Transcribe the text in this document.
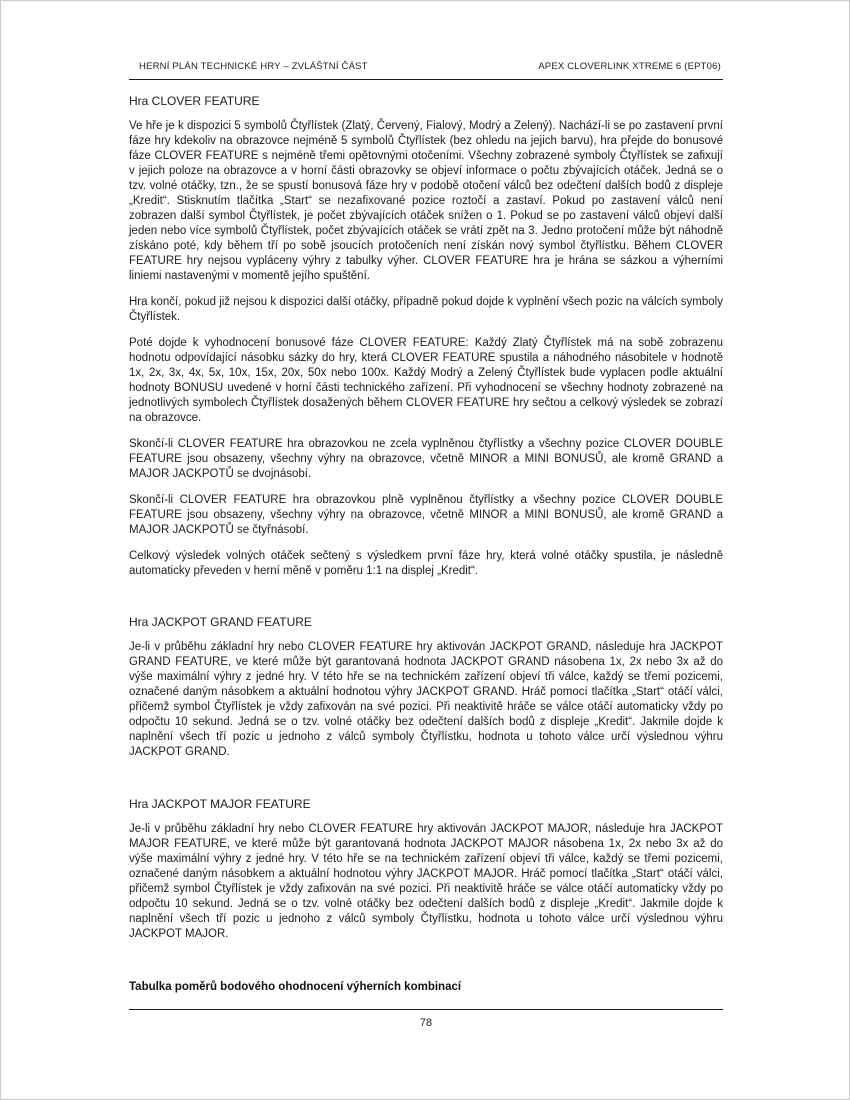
HERNÍ PLÁN TECHNICKÉ HRY – ZVLÁŠTNÍ ČÁST	APEX CLOVERLINK XTREME 6 (EPT06)
Hra CLOVER FEATURE

Ve hře je k dispozici 5 symbolů Čtyřlístek (Zlatý, Červený, Fialový, Modrý a Zelený). Nachází-li se po zastavení první fáze hry kdekoliv na obrazovce nejméně 5 symbolů Čtyřlístek (bez ohledu na jejich barvu), hra přejde do bonusové fáze CLOVER FEATURE s nejméně třemi opětovnými otočeními. Všechny zobrazené symboly Čtyřlístek se zafixují v jejich poloze na obrazovce a v horní části obrazovky se objeví informace o počtu zbývajících otáček. Jedná se o tzv. volné otáčky, tzn., že se spustí bonusová fáze hry v podobě otočení válců bez odečtení dalších bodů z displeje „Kredit“. Stisknutím tlačítka „Start“ se nezafixované pozice roztočí a zastaví. Pokud po zastavení válců není zobrazen další symbol Čtyřlístek, je počet zbývajících otáček snížen o 1. Pokud se po zastavení válců objeví další jeden nebo více symbolů Čtyřlístek, počet zbývajících otáček se vrátí zpět na 3. Jedno protočení může být náhodně získáno poté, kdy během tří po sobě jsoucích protočeních není získán nový symbol čtyřlístku. Během CLOVER FEATURE hry nejsou vypláceny výhry z tabulky výher. CLOVER FEATURE hra je hrána se sázkou a výherními liniemi nastavenými v momentě jejího spuštění.

Hra končí, pokud již nejsou k dispozici další otáčky, případně pokud dojde k vyplnění všech pozic na válcích symboly Čtyřlístek.

Poté dojde k vyhodnocení bonusové fáze CLOVER FEATURE: Každý Zlatý Čtyřlístek má na sobě zobrazenu hodnotu odpovídající násobku sázky do hry, která CLOVER FEATURE spustila a náhodného násobitele v hodnotě 1x, 2x, 3x, 4x, 5x, 10x, 15x, 20x, 50x nebo 100x. Každý Modrý a Zelený Čtyřlístek bude vyplacen podle aktuální hodnoty BONUSU uvedené v horní části technického zařízení. Při vyhodnocení se všechny hodnoty zobrazené na jednotlivých symbolech Čtyřlístek dosažených během CLOVER FEATURE hry sečtou a celkový výsledek se zobrazí na obrazovce.

Skončí-li CLOVER FEATURE hra obrazovkou ne zcela vyplněnou čtyřlístky a všechny pozice CLOVER DOUBLE FEATURE jsou obsazeny, všechny výhry na obrazovce, včetně MINOR a MINI BONUSŮ, ale kromě GRAND a MAJOR JACKPOTŮ se dvojnásobí.

Skončí-li CLOVER FEATURE hra obrazovkou plně vyplněnou čtyřlístky a všechny pozice CLOVER DOUBLE FEATURE jsou obsazeny, všechny výhry na obrazovce, včetně MINOR a MINI BONUSŮ, ale kromě GRAND a MAJOR JACKPOTŮ se čtyřnásobí.

Celkový výsledek volných otáček sečtený s výsledkem první fáze hry, která volné otáčky spustila, je následně automaticky převeden v herní měně v poměru 1:1 na displej „Kredit“.

Hra JACKPOT GRAND FEATURE

Je-li v průběhu základní hry nebo CLOVER FEATURE hry aktivován JACKPOT GRAND, následuje hra JACKPOT GRAND FEATURE, ve které může být garantovaná hodnota JACKPOT GRAND násobena 1x, 2x nebo 3x až do výše maximální výhry z jedné hry. V této hře se na technickém zařízení objeví tři válce, každý se třemi pozicemi, označené daným násobkem a aktuální hodnotou výhry JACKPOT GRAND. Hráč pomocí tlačítka „Start“ otáčí válci, přičemž symbol Čtyřlístek je vždy zafixován na své pozici. Při neaktivitě hráče se válce otáčí automaticky vždy po odpočtu 10 sekund. Jedná se o tzv. volné otáčky bez odečtení dalších bodů z displeje „Kredit“. Jakmile dojde k naplnění všech tří pozic u jednoho z válců symboly Čtyřlístku, hodnota u tohoto válce určí výslednou výhru JACKPOT GRAND.

Hra JACKPOT MAJOR FEATURE

Je-li v průběhu základní hry nebo CLOVER FEATURE hry aktivován JACKPOT MAJOR, následuje hra JACKPOT MAJOR FEATURE, ve které může být garantovaná hodnota JACKPOT MAJOR násobena 1x, 2x nebo 3x až do výše maximální výhry z jedné hry. V této hře se na technickém zařízení objeví tři válce, každý se třemi pozicemi, označené daným násobkem a aktuální hodnotou výhry JACKPOT MAJOR. Hráč pomocí tlačítka „Start“ otáčí válci, přičemž symbol Čtyřlístek je vždy zafixován na své pozici. Při neaktivitě hráče se válce otáčí automaticky vždy po odpočtu 10 sekund. Jedná se o tzv. volné otáčky bez odečtení dalších bodů z displeje „Kredit“. Jakmile dojde k naplnění všech tří pozic u jednoho z válců symboly Čtyřlístku, hodnota u tohoto válce určí výslednou výhru JACKPOT MAJOR.

Tabulka poměrů bodového ohodnocení výherních kombinací
78
